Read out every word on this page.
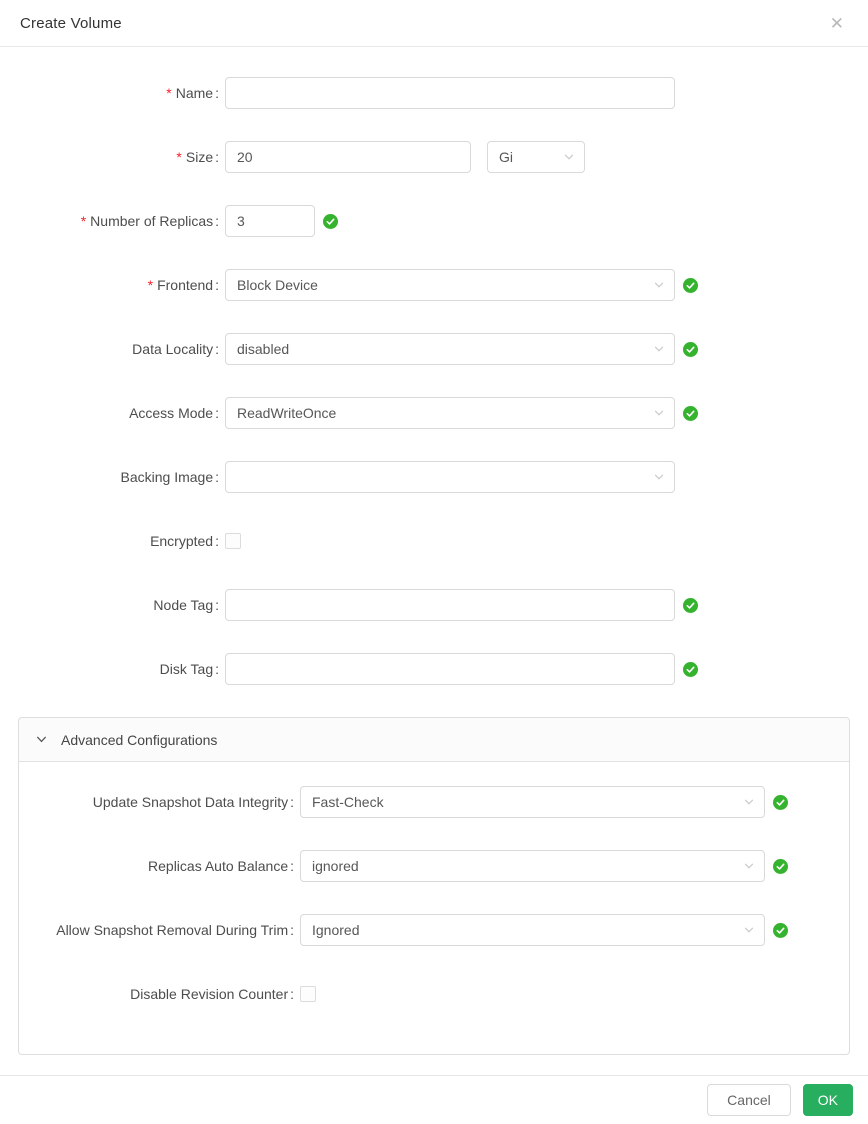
Create Volume	✕
* Name :
* Size :
20	Gi
* Number of Replicas :
3
* Frontend : Block Device
Data Locality : disabled
Access Mode : ReadWriteOnce
Backing Image :
Encrypted :
Node Tag :
Disk Tag :
Advanced Configurations
Update Snapshot Data Integrity : Fast-Check
Replicas Auto Balance : ignored
Allow Snapshot Removal During Trim : Ignored
Disable Revision Counter :
Cancel	OK
